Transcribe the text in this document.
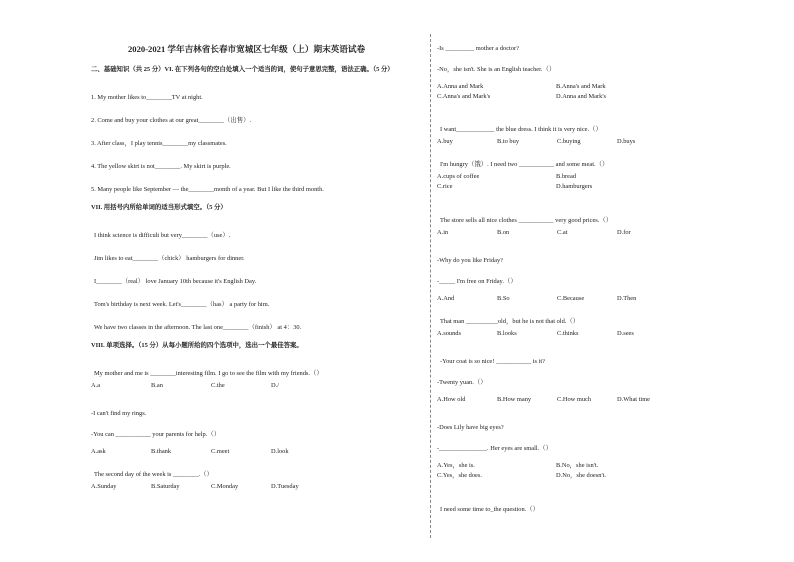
2020-2021 学年吉林省长春市宽城区七年级（上）期末英语试卷
二、基础知识（共 25 分）VI. 在下列各句的空白处填入一个适当的词，使句子意思完整，语法正确。（5 分）
1. My mother likes to________TV at night.
2. Come and buy your clothes at our great________（出售）.
3. After class，I play tennis________my classmates.
4. The yellow skirt is not________. My skirt is purple.
5. Many people like September — the________month of a year. But I like the third month.
VII. 用括号内所给单词的适当形式填空。（5 分）
I think science is difficult but very________（use）.
Jim likes to eat________（chick） hamburgers for dinner.
I________（real） love January 10th because it's English Day.
Tom's birthday is next week. Let's________（has） a party for him.
We have two classes in the afternoon. The last one________（finish） at 4：30.
VIII. 单项选择。（15 分）从每小题所给的四个选项中，选出一个最佳答案。
My mother and me is ________interesting film. I go to see the film with my friends.（）
A.a	B.an	C.the	D./
-I can't find my rings.
-You can ___________ your parents for help.（）
A.ask	B.thank	C.meet	D.look
The second day of the week is ________.（）
A.Sunday	B.Saturday	C.Monday	D.Tuesday
-Is _________ mother a doctor?
-No，she isn't. She is an English teacher.（）
A.Anna and Mark	B.Anna's and Mark
C.Anna's and Mark's	D.Anna and Mark's
I want____________ the blue dress. I think it is very nice.（）
A.buy	B.to buy	C.buying	D.buys
I'm hungry（饿）. I need two ___________ and some meat.（）
A.cups of coffee	B.bread
C.rice	D.hamburgers
The store sells all nice clothes ___________ very good prices.（）
A.in	B.on	C.at	D.for
-Why do you like Friday?
-_____ I'm free on Friday.（）
A.And	B.So	C.Because	D.Then
That man __________old，but he is not that old.（）
A.sounds	B.looks	C.thinks	D.sees
-Your coat is so nice! ___________ is it?
-Twenty yuan.（）
A.How old	B.How many	C.How much	D.What time
-Does Lily have big eyes?
-_______________. Her eyes are small.（）
A.Yes，she is.	B.No，she isn't.
C.Yes，she does.	D.No，she doesn't.
I need some time to_the question.（）
